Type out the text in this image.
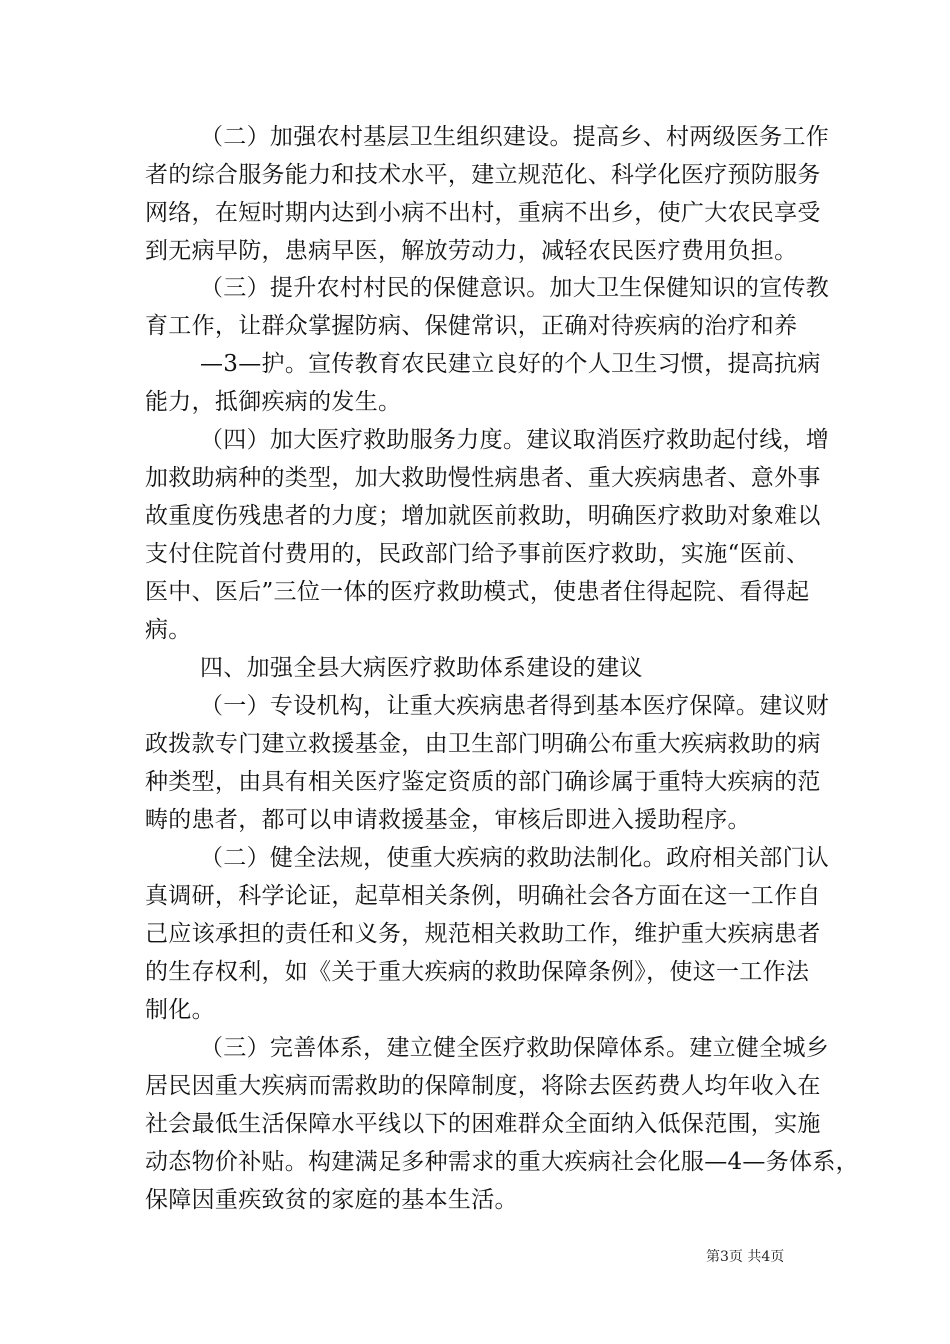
（二）加强农村基层卫生组织建设。提高乡、村两级医务工作
者的综合服务能力和技术水平，建立规范化、科学化医疗预防服务
网络，在短时期内达到小病不出村，重病不出乡，使广大农民享受
到无病早防，患病早医，解放劳动力，减轻农民医疗费用负担。
（三）提升农村村民的保健意识。加大卫生保健知识的宣传教
育工作，让群众掌握防病、保健常识，正确对待疾病的治疗和养
—3—护。宣传教育农民建立良好的个人卫生习惯，提高抗病
能力，抵御疾病的发生。
（四）加大医疗救助服务力度。建议取消医疗救助起付线，增
加救助病种的类型，加大救助慢性病患者、重大疾病患者、意外事
故重度伤残患者的力度；增加就医前救助，明确医疗救助对象难以
支付住院首付费用的，民政部门给予事前医疗救助，实施“医前、
医中、医后”三位一体的医疗救助模式，使患者住得起院、看得起
病。
四、加强全县大病医疗救助体系建设的建议
（一）专设机构，让重大疾病患者得到基本医疗保障。建议财
政拨款专门建立救援基金，由卫生部门明确公布重大疾病救助的病
种类型，由具有相关医疗鉴定资质的部门确诊属于重特大疾病的范
畴的患者，都可以申请救援基金，审核后即进入援助程序。
（二）健全法规，使重大疾病的救助法制化。政府相关部门认
真调研，科学论证，起草相关条例，明确社会各方面在这一工作自
己应该承担的责任和义务，规范相关救助工作，维护重大疾病患者
的生存权利，如《关于重大疾病的救助保障条例》，使这一工作法
制化。
（三）完善体系，建立健全医疗救助保障体系。建立健全城乡
居民因重大疾病而需救助的保障制度，将除去医药费人均年收入在
社会最低生活保障水平线以下的困难群众全面纳入低保范围，实施
动态物价补贴。构建满足多种需求的重大疾病社会化服—4—务体系，
保障因重疾致贫的家庭的基本生活。
第3页 共4页
